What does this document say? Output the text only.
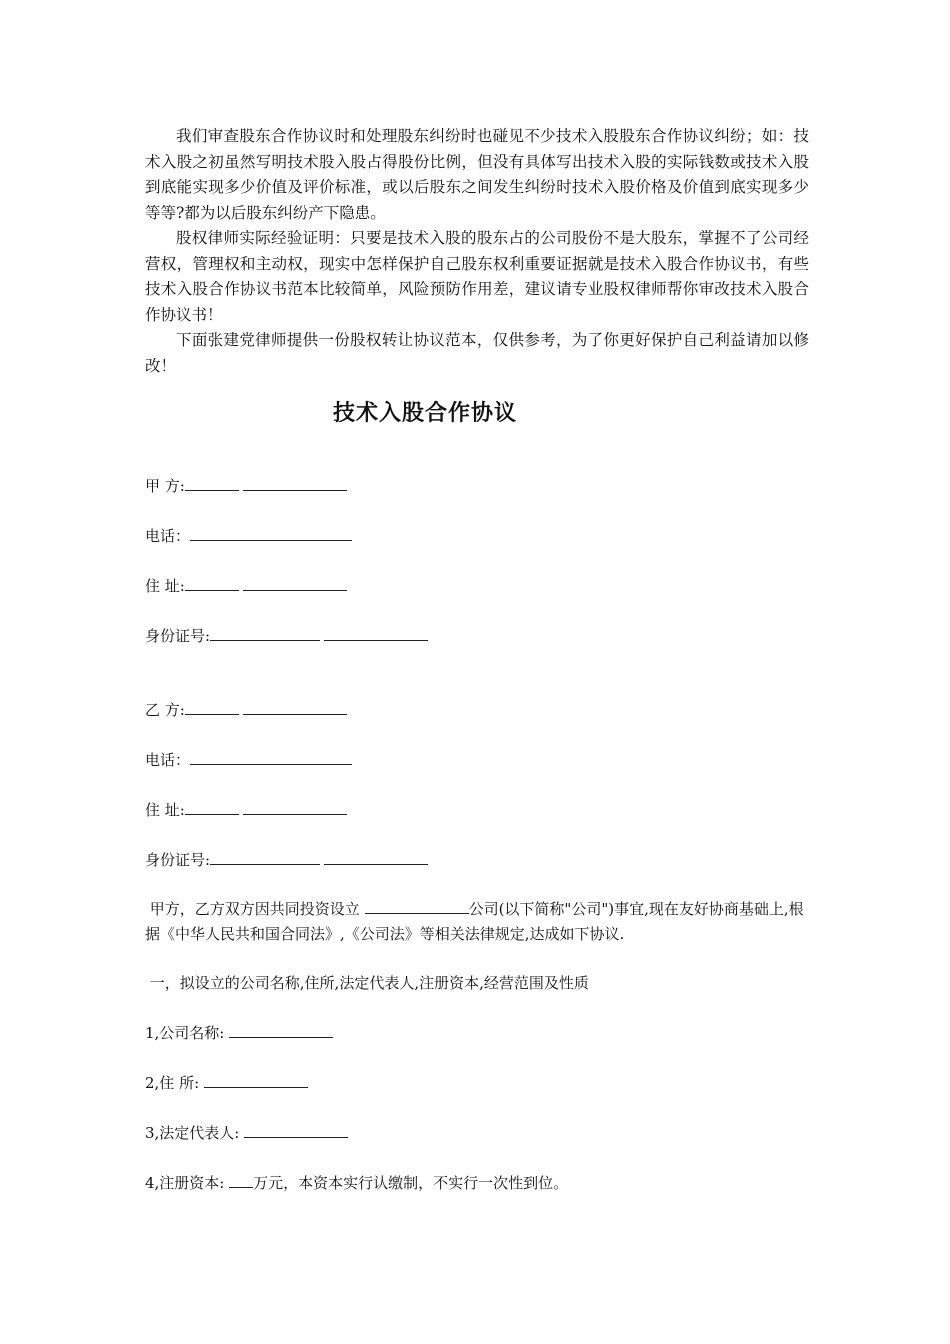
我们审查股东合作协议时和处理股东纠纷时也碰见不少技术入股股东合作协议纠纷；如：技术入股之初虽然写明技术股入股占得股份比例，但没有具体写出技术入股的实际钱数或技术入股到底能实现多少价值及评价标准，或以后股东之间发生纠纷时技术入股价格及价值到底实现多少等等?都为以后股东纠纷产下隐患。

股权律师实际经验证明：只要是技术入股的股东占的公司股份不是大股东，掌握不了公司经营权，管理权和主动权，现实中怎样保护自己股东权利重要证据就是技术入股合作协议书，有些技术入股合作协议书范本比较简单，风险预防作用差，建议请专业股权律师帮你审改技术入股合作协议书！

下面张建党律师提供一份股权转让协议范本，仅供参考，为了你更好保护自己利益请加以修改！

技术入股合作协议
甲 方:
电话：
住 址:
身份证号:
乙 方:
电话：
住 址:
身份证号:
甲方，乙方双方因共同投资设立	公司(以下简称"公司")事宜,现在友好协商基础上,根据《中华人民共和国合同法》,《公司法》等相关法律规定,达成如下协议.
一，拟设立的公司名称,住所,法定代表人,注册资本,经营范围及性质
1,公司名称:
2,住 所:
3,法定代表人:
4,注册资本: 万元，本资本实行认缴制，不实行一次性到位。
